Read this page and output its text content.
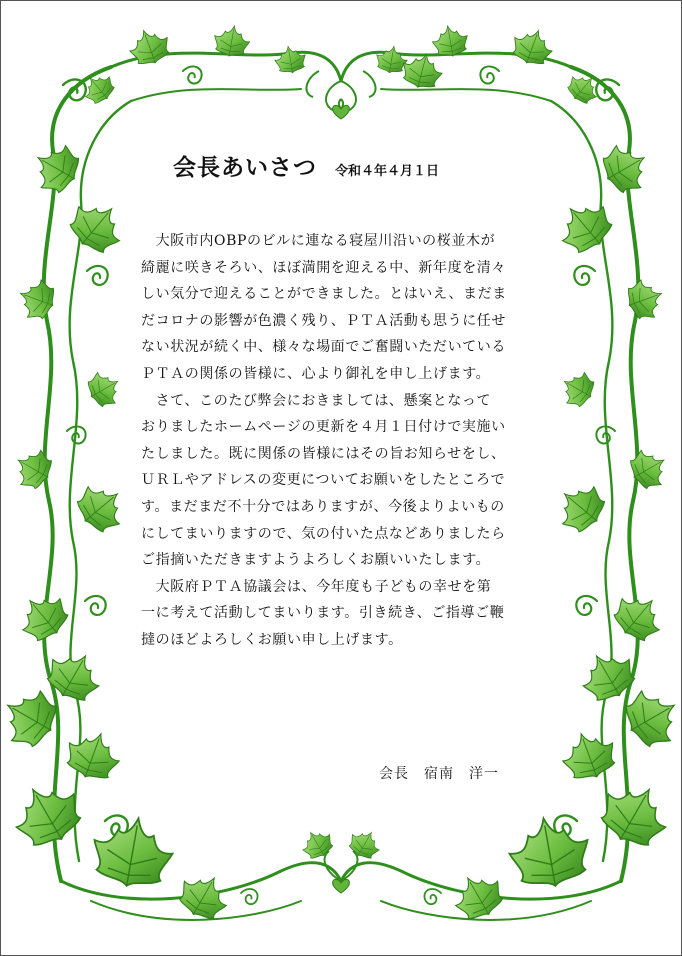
会長あいさつ 令和４年４月１日
　大阪市内OBPのビルに連なる寝屋川沿いの桜並木が
綺麗に咲きそろい、ほぼ満開を迎える中、新年度を清々
しい気分で迎えることができました。とはいえ、まだま
だコロナの影響が色濃く残り、ＰＴＡ活動も思うに任せ
ない状況が続く中、様々な場面でご奮闘いただいている
ＰＴＡの関係の皆様に、心より御礼を申し上げます。
　さて、このたび弊会におきましては、懸案となって
おりましたホームページの更新を４月１日付けで実施い
たしました。既に関係の皆様にはその旨お知らせをし、
ＵＲＬやアドレスの変更についてお願いをしたところで
す。まだまだ不十分ではありますが、今後よりよいもの
にしてまいりますので、気の付いた点などありましたら
ご指摘いただきますようよろしくお願いいたします。
　大阪府ＰＴＡ協議会は、今年度も子どもの幸せを第
一に考えて活動してまいります。引き続き、ご指導ご鞭
撻のほどよろしくお願い申し上げます。
会長　宿南　洋一
